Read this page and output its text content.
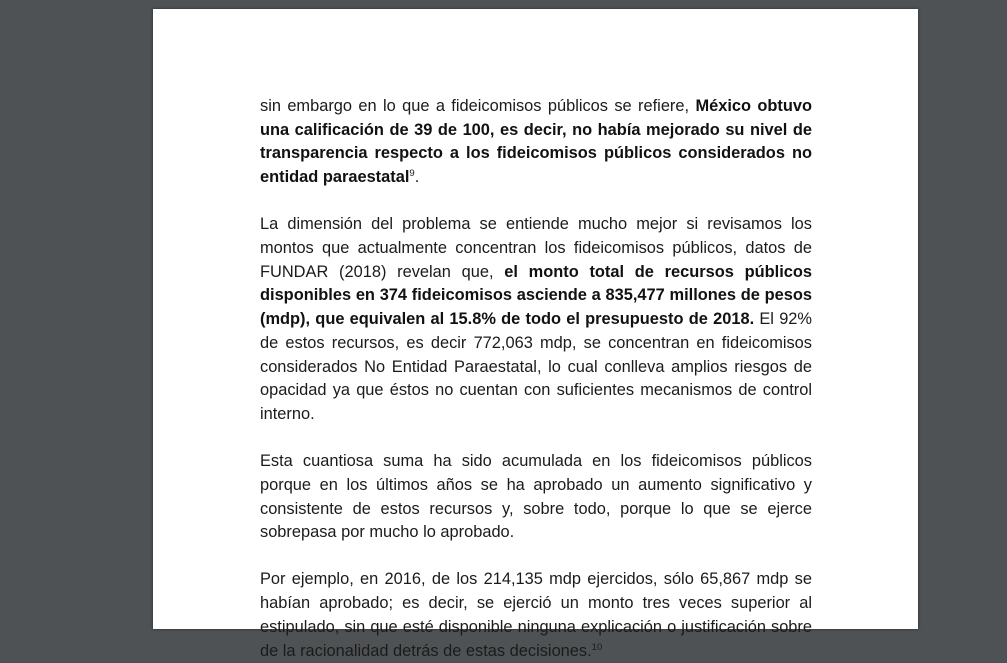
sin embargo en lo que a fideicomisos públicos se refiere, México obtuvo una calificación de 39 de 100, es decir, no había mejorado su nivel de transparencia respecto a los fideicomisos públicos considerados no entidad paraestatal$^9$.

La dimensión del problema se entiende mucho mejor si revisamos los montos que actualmente concentran los fideicomisos públicos, datos de FUNDAR (2018) revelan que, el monto total de recursos públicos disponibles en 374 fideicomisos asciende a 835,477 millones de pesos (mdp), que equivalen al 15.8% de todo el presupuesto de 2018. El 92% de estos recursos, es decir 772,063 mdp, se concentran en fideicomisos considerados No Entidad Paraestatal, lo cual conlleva amplios riesgos de opacidad ya que éstos no cuentan con suficientes mecanismos de control interno.

Esta cuantiosa suma ha sido acumulada en los fideicomisos públicos porque en los últimos años se ha aprobado un aumento significativo y consistente de estos recursos y, sobre todo, porque lo que se ejerce sobrepasa por mucho lo aprobado.

Por ejemplo, en 2016, de los 214,135 mdp ejercidos, sólo 65,867 mdp se habían aprobado; es decir, se ejerció un monto tres veces superior al estipulado, sin que esté disponible ninguna explicación o justificación sobre de la racionalidad detrás de estas decisiones.$^{10}$
